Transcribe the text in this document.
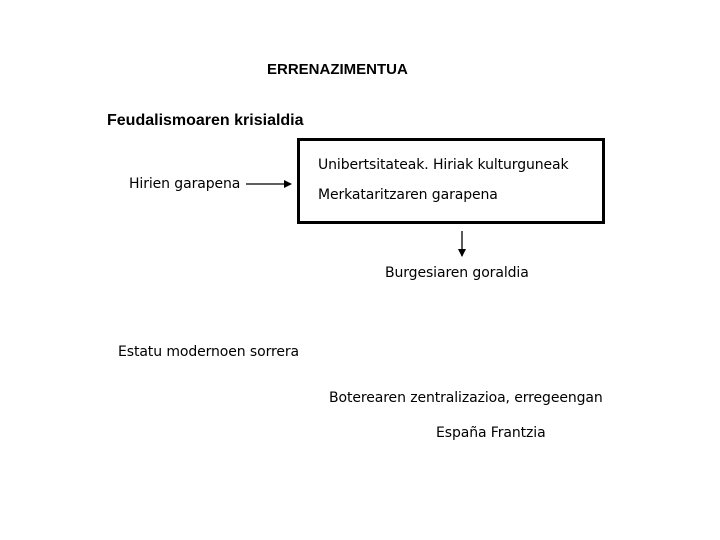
ERRENAZIMENTUA
Feudalismoaren krisialdia
Hirien garapena
Unibertsitateak. Hiriak kulturguneak
Merkataritzaren garapena
Burgesiaren goraldia
Estatu modernoen sorrera
Boterearen zentralizazioa, erregeengan
España Frantzia
